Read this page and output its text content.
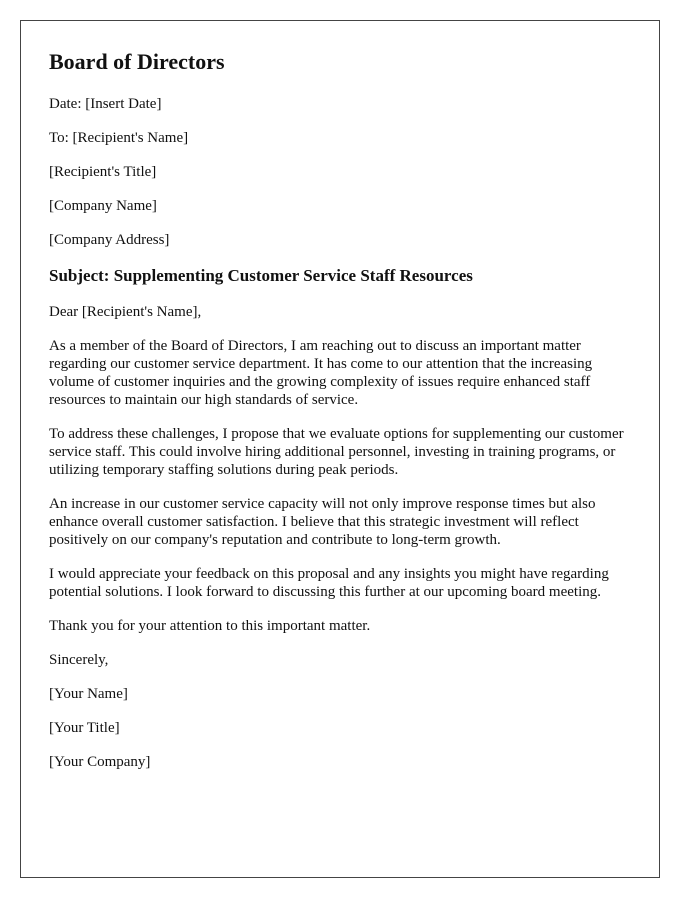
Board of Directors

Date: [Insert Date]

To: [Recipient's Name]

[Recipient's Title]

[Company Name]

[Company Address]

Subject: Supplementing Customer Service Staff Resources

Dear [Recipient's Name],

As a member of the Board of Directors, I am reaching out to discuss an important matter regarding our customer service department. It has come to our attention that the increasing volume of customer inquiries and the growing complexity of issues require enhanced staff resources to maintain our high standards of service.

To address these challenges, I propose that we evaluate options for supplementing our customer service staff. This could involve hiring additional personnel, investing in training programs, or utilizing temporary staffing solutions during peak periods.

An increase in our customer service capacity will not only improve response times but also enhance overall customer satisfaction. I believe that this strategic investment will reflect positively on our company's reputation and contribute to long-term growth.

I would appreciate your feedback on this proposal and any insights you might have regarding potential solutions. I look forward to discussing this further at our upcoming board meeting.

Thank you for your attention to this important matter.

Sincerely,

[Your Name]

[Your Title]

[Your Company]
